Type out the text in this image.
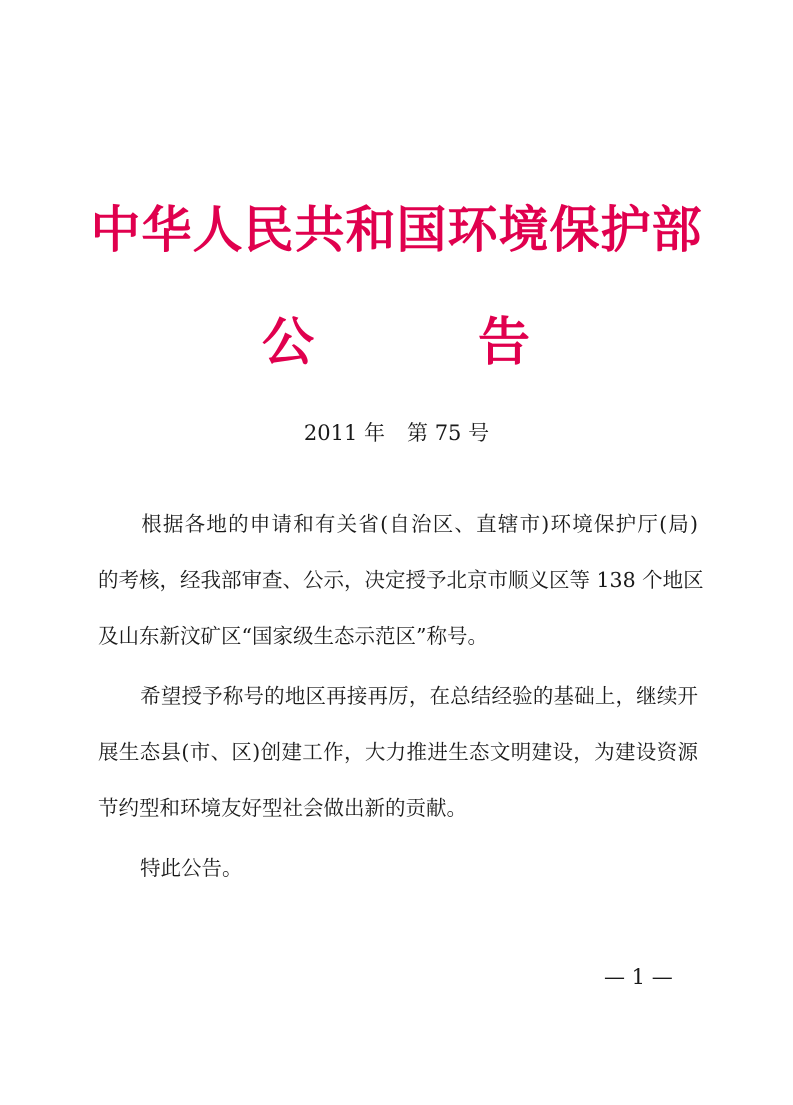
中华人民共和国环境保护部
公	告
2011 年 第 75 号
根据各地的申请和有关省(自治区、直辖市)环境保护厅(局)
的考核，经我部审查、公示，决定授予北京市顺义区等 138 个地区
及山东新汶矿区“国家级生态示范区”称号。
希望授予称号的地区再接再厉，在总结经验的基础上，继续开
展生态县(市、区)创建工作，大力推进生态文明建设，为建设资源
节约型和环境友好型社会做出新的贡献。
特此公告。
— 1 —
